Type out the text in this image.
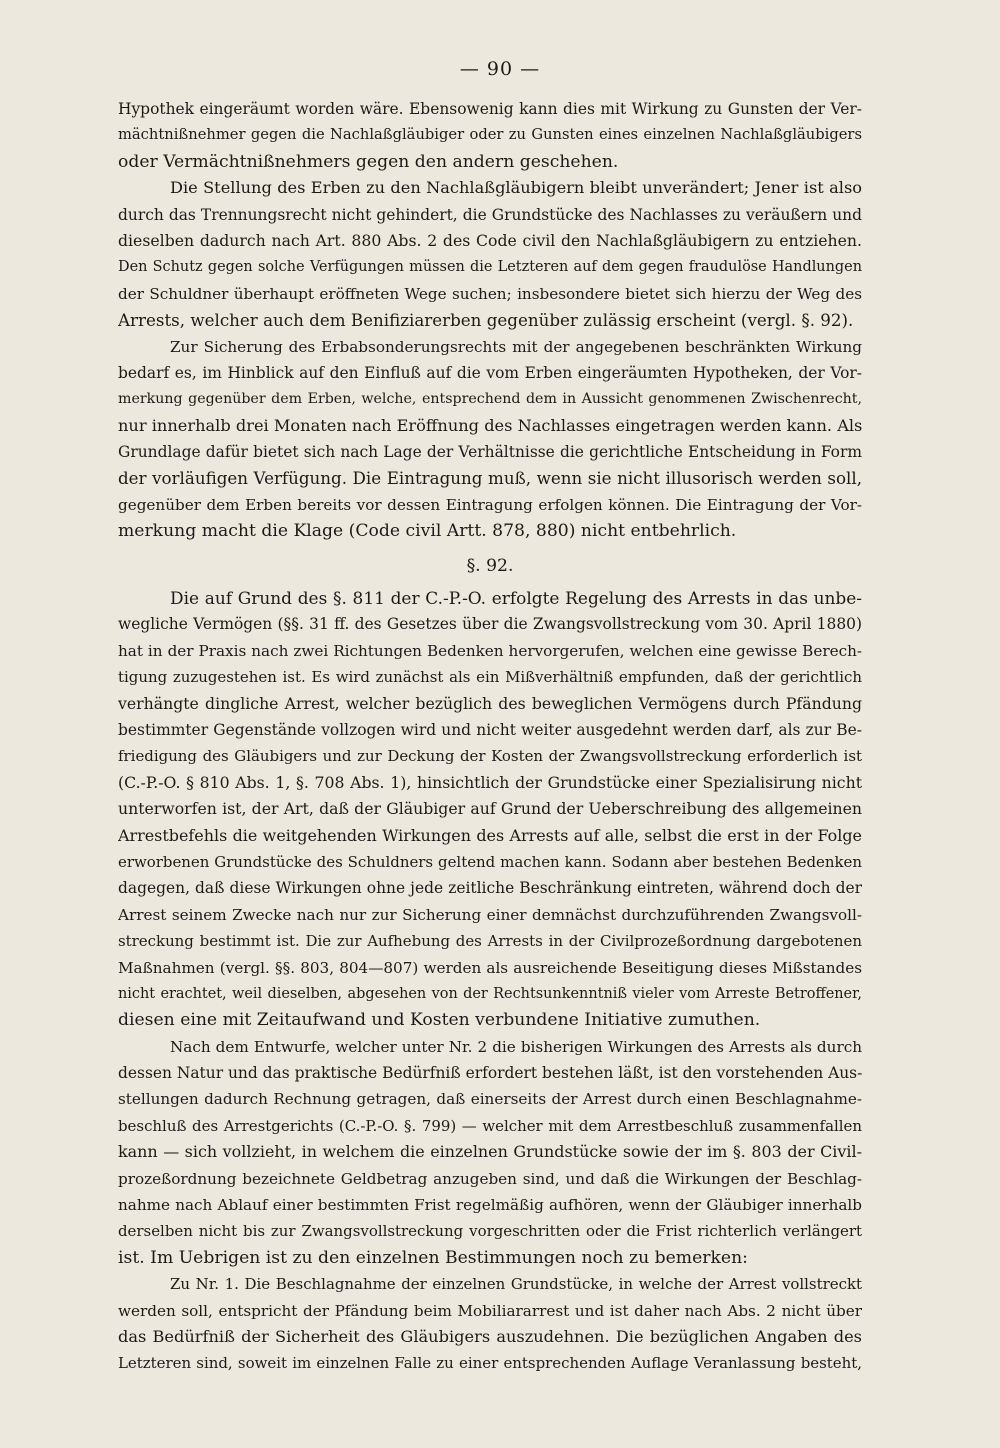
— 90 —
Hypothek eingeräumt worden wäre. Ebensowenig kann dies mit Wirkung zu Gunsten der Ver-
mächtnißnehmer gegen die Nachlaßgläubiger oder zu Gunsten eines einzelnen Nachlaßgläubigers
oder Vermächtnißnehmers gegen den andern geschehen.
Die Stellung des Erben zu den Nachlaßgläubigern bleibt unverändert; Jener ist also
durch das Trennungsrecht nicht gehindert, die Grundstücke des Nachlasses zu veräußern und
dieselben dadurch nach Art. 880 Abs. 2 des Code civil den Nachlaßgläubigern zu entziehen.
Den Schutz gegen solche Verfügungen müssen die Letzteren auf dem gegen fraudulöse Handlungen
der Schuldner überhaupt eröffneten Wege suchen; insbesondere bietet sich hierzu der Weg des
Arrests, welcher auch dem Benifiziarerben gegenüber zulässig erscheint (vergl. §. 92).
Zur Sicherung des Erbabsonderungsrechts mit der angegebenen beschränkten Wirkung
bedarf es, im Hinblick auf den Einfluß auf die vom Erben eingeräumten Hypotheken, der Vor-
merkung gegenüber dem Erben, welche, entsprechend dem in Aussicht genommenen Zwischenrecht,
nur innerhalb drei Monaten nach Eröffnung des Nachlasses eingetragen werden kann. Als
Grundlage dafür bietet sich nach Lage der Verhältnisse die gerichtliche Entscheidung in Form
der vorläufigen Verfügung. Die Eintragung muß, wenn sie nicht illusorisch werden soll,
gegenüber dem Erben bereits vor dessen Eintragung erfolgen können. Die Eintragung der Vor-
merkung macht die Klage (Code civil Artt. 878, 880) nicht entbehrlich.
§. 92.
Die auf Grund des §. 811 der C.-P.-O. erfolgte Regelung des Arrests in das unbe-
wegliche Vermögen (§§. 31 ff. des Gesetzes über die Zwangsvollstreckung vom 30. April 1880)
hat in der Praxis nach zwei Richtungen Bedenken hervorgerufen, welchen eine gewisse Berech-
tigung zuzugestehen ist. Es wird zunächst als ein Mißverhältniß empfunden, daß der gerichtlich
verhängte dingliche Arrest, welcher bezüglich des beweglichen Vermögens durch Pfändung
bestimmter Gegenstände vollzogen wird und nicht weiter ausgedehnt werden darf, als zur Be-
friedigung des Gläubigers und zur Deckung der Kosten der Zwangsvollstreckung erforderlich ist
(C.-P.-O. § 810 Abs. 1, §. 708 Abs. 1), hinsichtlich der Grundstücke einer Spezialisirung nicht
unterworfen ist, der Art, daß der Gläubiger auf Grund der Ueberschreibung des allgemeinen
Arrestbefehls die weitgehenden Wirkungen des Arrests auf alle, selbst die erst in der Folge
erworbenen Grundstücke des Schuldners geltend machen kann. Sodann aber bestehen Bedenken
dagegen, daß diese Wirkungen ohne jede zeitliche Beschränkung eintreten, während doch der
Arrest seinem Zwecke nach nur zur Sicherung einer demnächst durchzuführenden Zwangsvoll-
streckung bestimmt ist. Die zur Aufhebung des Arrests in der Civilprozeßordnung dargebotenen
Maßnahmen (vergl. §§. 803, 804—807) werden als ausreichende Beseitigung dieses Mißstandes
nicht erachtet, weil dieselben, abgesehen von der Rechtsunkenntniß vieler vom Arreste Betroffener,
diesen eine mit Zeitaufwand und Kosten verbundene Initiative zumuthen.
Nach dem Entwurfe, welcher unter Nr. 2 die bisherigen Wirkungen des Arrests als durch
dessen Natur und das praktische Bedürfniß erfordert bestehen läßt, ist den vorstehenden Aus-
stellungen dadurch Rechnung getragen, daß einerseits der Arrest durch einen Beschlagnahme-
beschluß des Arrestgerichts (C.-P.-O. §. 799) — welcher mit dem Arrestbeschluß zusammenfallen
kann — sich vollzieht, in welchem die einzelnen Grundstücke sowie der im §. 803 der Civil-
prozeßordnung bezeichnete Geldbetrag anzugeben sind, und daß die Wirkungen der Beschlag-
nahme nach Ablauf einer bestimmten Frist regelmäßig aufhören, wenn der Gläubiger innerhalb
derselben nicht bis zur Zwangsvollstreckung vorgeschritten oder die Frist richterlich verlängert
ist. Im Uebrigen ist zu den einzelnen Bestimmungen noch zu bemerken:
Zu Nr. 1. Die Beschlagnahme der einzelnen Grundstücke, in welche der Arrest vollstreckt
werden soll, entspricht der Pfändung beim Mobiliararrest und ist daher nach Abs. 2 nicht über
das Bedürfniß der Sicherheit des Gläubigers auszudehnen. Die bezüglichen Angaben des
Letzteren sind, soweit im einzelnen Falle zu einer entsprechenden Auflage Veranlassung besteht,
